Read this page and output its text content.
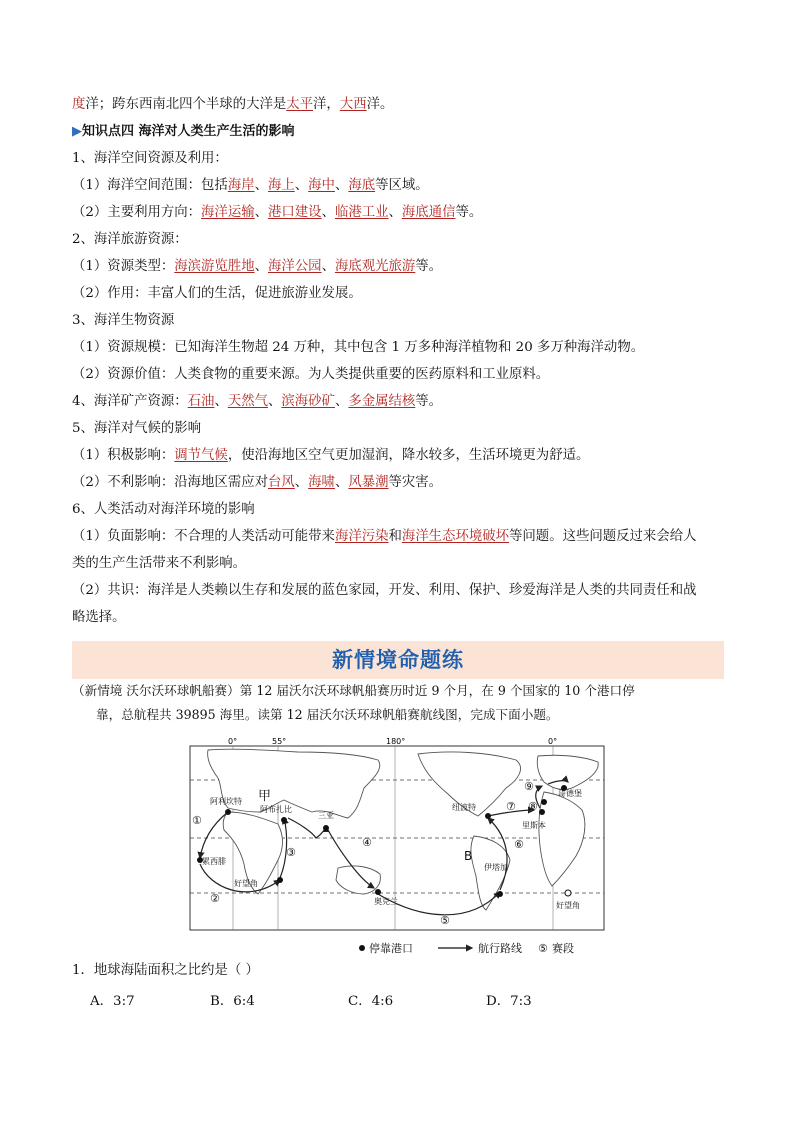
度洋；跨东西南北四个半球的大洋是太平洋，大西洋。
▶知识点四 海洋对人类生产生活的影响
1、海洋空间资源及利用：
（1）海洋空间范围：包括海岸、海上、海中、海底等区域。
（2）主要利用方向：海洋运输、港口建设、临港工业、海底通信等。
2、海洋旅游资源：
（1）资源类型：海滨游览胜地、海洋公园、海底观光旅游等。
（2）作用：丰富人们的生活，促进旅游业发展。
3、海洋生物资源
（1）资源规模：已知海洋生物超 24 万种，其中包含 1 万多种海洋植物和 20 多万种海洋动物。
（2）资源价值：人类食物的重要来源。为人类提供重要的医药原料和工业原料。
4、海洋矿产资源：石油、天然气、滨海砂矿、多金属结核等。
5、海洋对气候的影响
（1）积极影响：调节气候，使沿海地区空气更加湿润，降水较多，生活环境更为舒适。
（2）不利影响：沿海地区需应对台风、海啸、风暴潮等灾害。
6、人类活动对海洋环境的影响
（1）负面影响：不合理的人类活动可能带来海洋污染和海洋生态环境破坏等问题。这些问题反过来会给人
类的生产生活带来不利影响。
（2）共识：海洋是人类赖以生存和发展的蓝色家园，开发、利用、保护、珍爱海洋是人类的共同责任和战
略选择。
新情境命题练
（新情境 沃尔沃环球帆船赛）第 12 届沃尔沃环球帆船赛历时近 9 个月，在 9 个国家的 10 个港口停
靠，总航程共 39895 海里。读第 12 届沃尔沃环球帆船赛航线图，完成下面小题。
0°	55°	180°	0°
阿利坎特
阿布扎比
三亚
累西腓
好望角
奥克兰
伊塔加
纽波特
里斯本
哥德堡
好望角
甲
B
①
②
③
④
⑤
⑥
⑦ ⑧
⑨
停靠港口	航行路线 ⑤ 赛段
1．地球海陆面积之比约是（ ）
A．3:7	B．6:4	C．4:6	D．7:3
